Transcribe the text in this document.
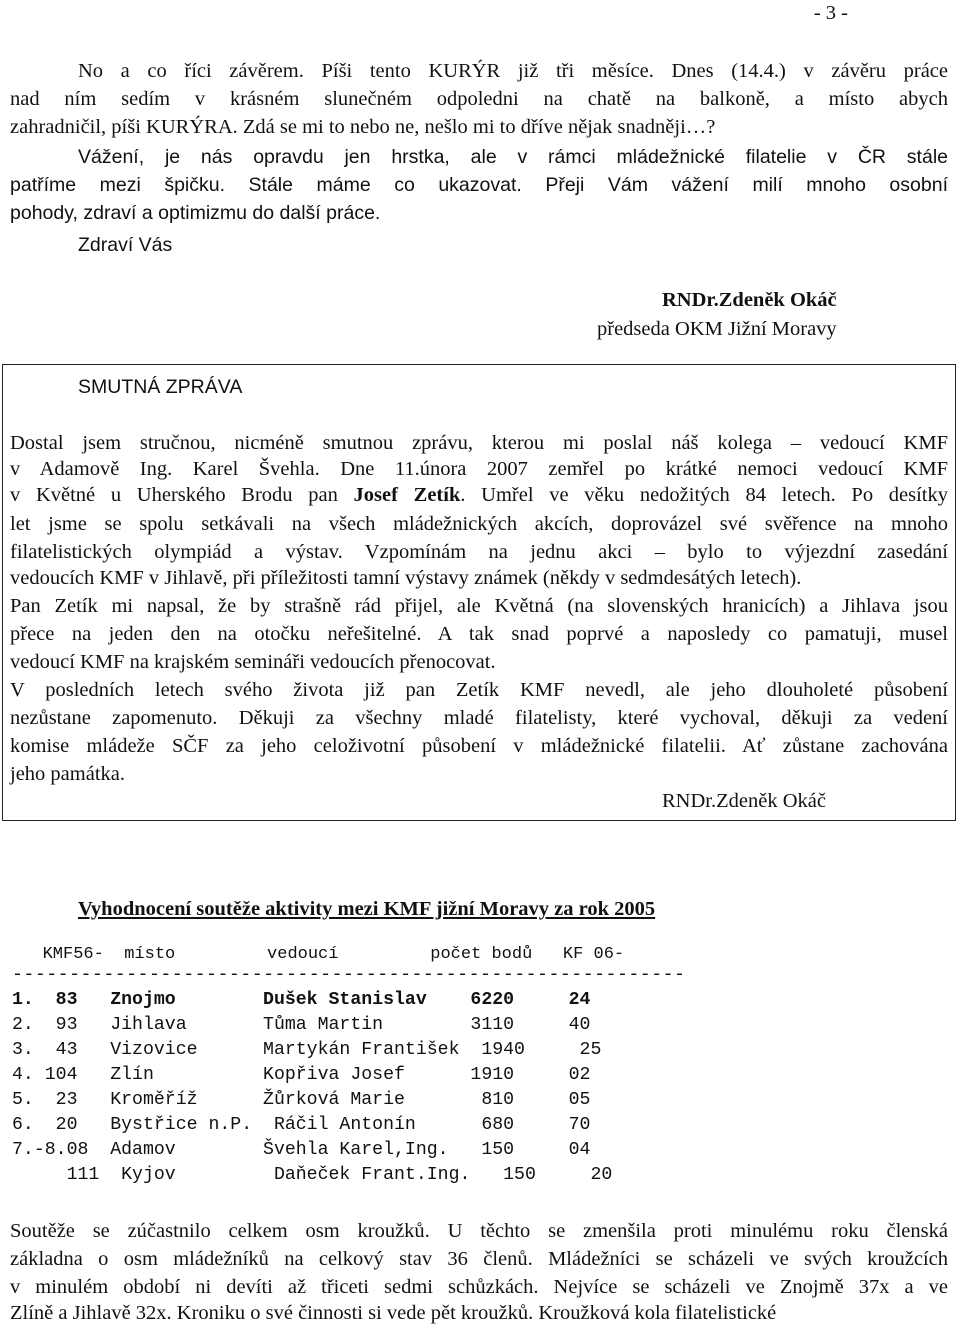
- 3 -
No a co říci závěrem. Píši tento KURÝR již tři měsíce. Dnes (14.4.) v závěru práce
nad ním sedím v krásném slunečném odpoledni na chatě na balkoně, a místo abych
zahradničil, píši KURÝRA. Zdá se mi to nebo ne, nešlo mi to dříve nějak snadněji…?
Vážení, je nás opravdu jen hrstka, ale v rámci mládežnické filatelie v ČR stále
patříme mezi špičku. Stále máme co ukazovat. Přeji Vám vážení milí mnoho osobní
pohody, zdraví a optimizmu do další práce.
Zdraví Vás
RNDr.Zdeněk Okáč
předseda OKM Jižní Moravy
SMUTNÁ ZPRÁVA
Dostal jsem stručnou, nicméně smutnou zprávu, kterou mi poslal náš kolega – vedoucí KMF
v Adamově Ing. Karel Švehla. Dne 11.února 2007 zemřel po krátké nemoci vedoucí KMF
v Květné u Uherského Brodu pan Josef Zetík. Umřel ve věku nedožitých 84 letech. Po desítky
let jsme se spolu setkávali na všech mládežnických akcích, doprovázel své svěřence na mnoho
filatelistických olympiád a výstav. Vzpomínám na jednu akci – bylo to výjezdní zasedání
vedoucích KMF v Jihlavě, při příležitosti tamní výstavy známek (někdy v sedmdesátých letech).
Pan Zetík mi napsal, že by strašně rád přijel, ale Květná (na slovenských hranicích) a Jihlava jsou
přece na jeden den na otočku neřešitelné. A tak snad poprvé a naposledy co pamatuji, musel
vedoucí KMF na krajském semináři vedoucích přenocovat.
V posledních letech svého života již pan Zetík KMF nevedl, ale jeho dlouholeté působení
nezůstane zapomenuto. Děkuji za všechny mladé filatelisty, které vychoval, děkuji za vedení
komise mládeže SČF za jeho celoživotní působení v mládežnické filatelii. Ať zůstane zachována
jeho památka.
RNDr.Zdeněk Okáč
Vyhodnocení soutěže aktivity mezi KMF jižní Moravy za rok 2005
KMF56-  místo         vedoucí         počet bodů   KF 06-
-----------------------------------------------------------
1.  83   Znojmo        Dušek Stanislav    6220     24
2.  93   Jihlava       Tůma Martin        3110     40
3.  43   Vizovice      Martykán František  1940     25
4. 104   Zlín          Kopřiva Josef      1910     02
5.  23   Kroměříž      Žůrková Marie       810     05
6.  20   Bystřice n.P.  Ráčil Antonín      680     70
7.-8.08  Adamov        Švehla Karel,Ing.   150     04
111  Kyjov         Daňeček Frant.Ing.   150     20
Soutěže se zúčastnilo celkem osm kroužků. U těchto se zmenšila proti minulému roku členská
základna o osm mládežníků na celkový stav 36 členů. Mládežníci se scházeli ve svých kroužcích
v minulém období ni devíti až třiceti sedmi schůzkách. Nejvíce se scházeli ve Znojmě 37x a ve
Zlíně a Jihlavě 32x. Kroniku o své činnosti si vede pět kroužků. Kroužková kola filatelistické
